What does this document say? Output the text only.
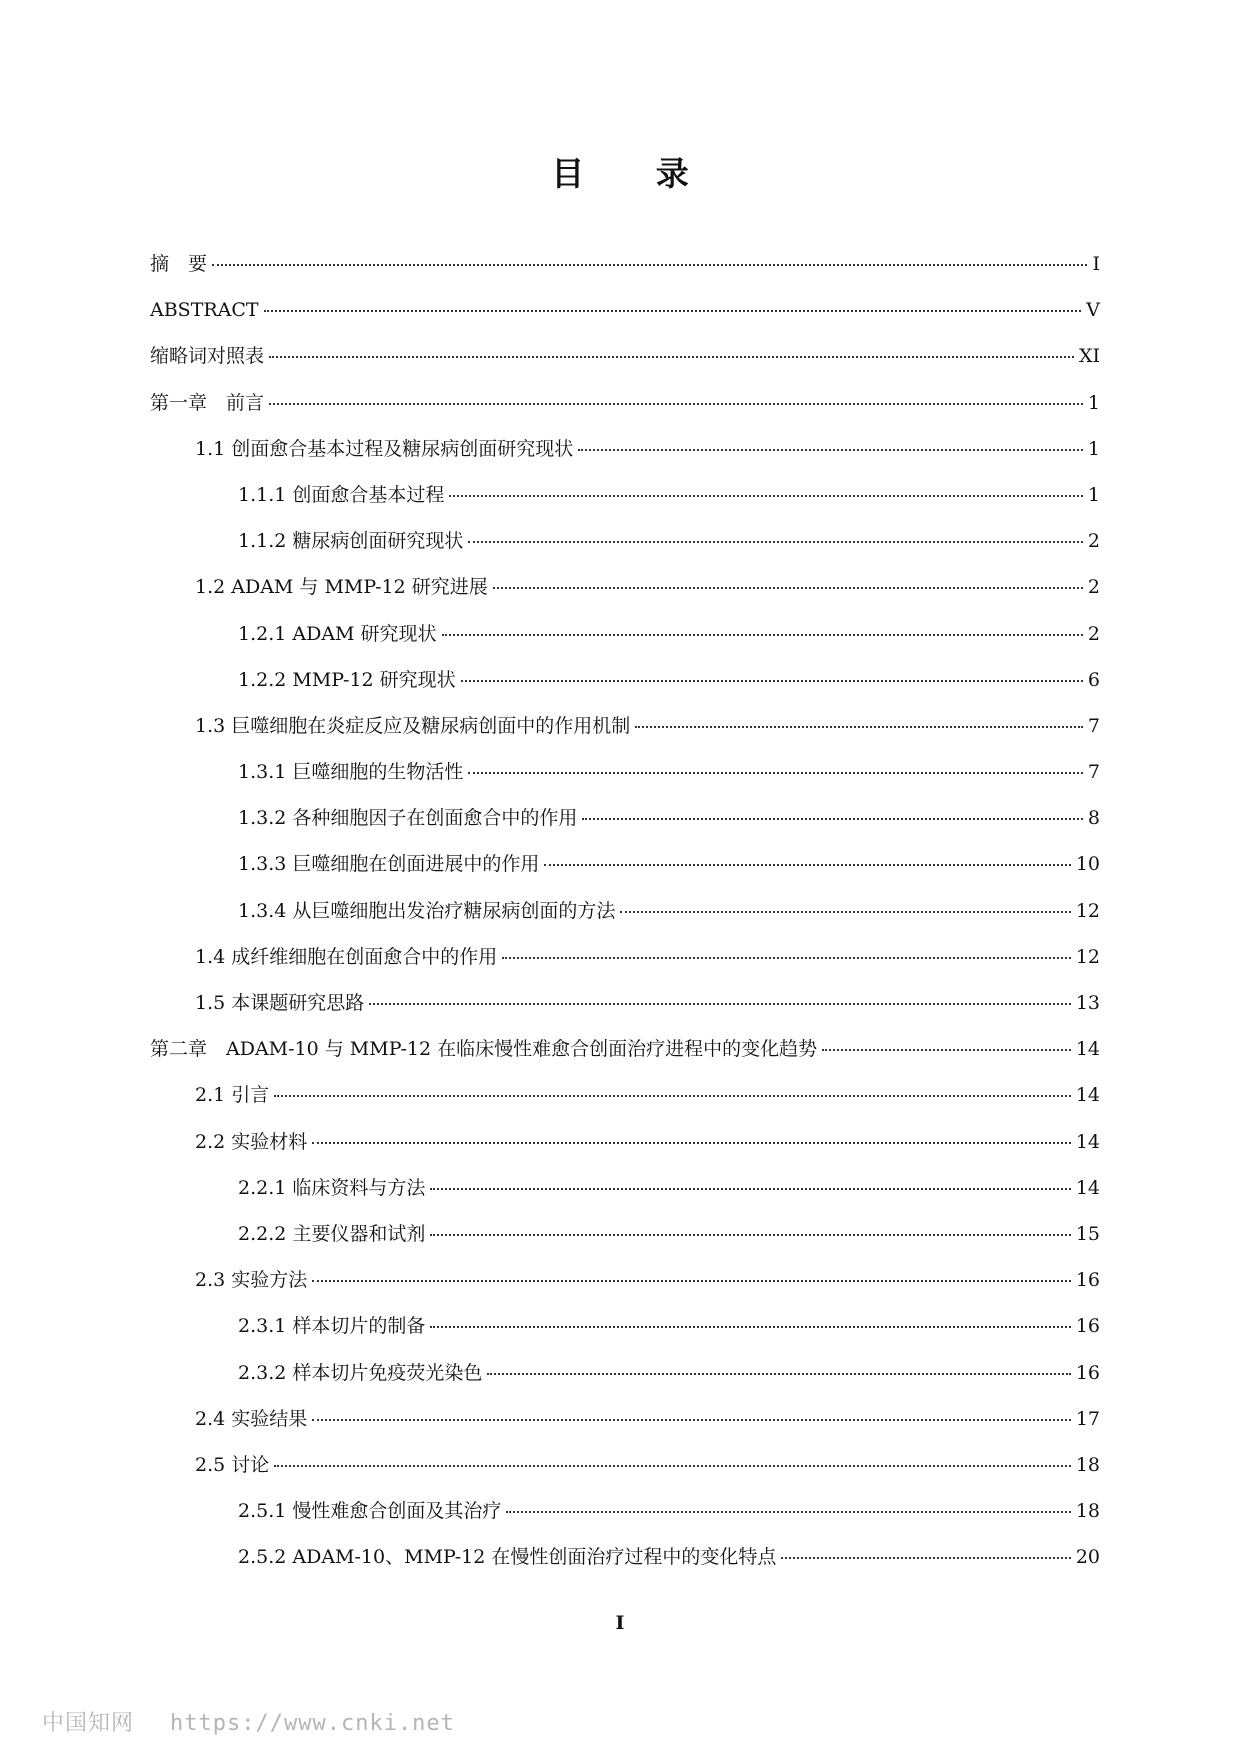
目 录
摘　要	I
ABSTRACT	V
缩略词对照表	XI
第一章　前言	1
1.1 创面愈合基本过程及糖尿病创面研究现状	1
1.1.1 创面愈合基本过程	1
1.1.2 糖尿病创面研究现状	2
1.2 ADAM 与 MMP-12 研究进展	2
1.2.1 ADAM 研究现状	2
1.2.2 MMP-12 研究现状	6
1.3 巨噬细胞在炎症反应及糖尿病创面中的作用机制	7
1.3.1 巨噬细胞的生物活性	7
1.3.2 各种细胞因子在创面愈合中的作用	8
1.3.3 巨噬细胞在创面进展中的作用	10
1.3.4 从巨噬细胞出发治疗糖尿病创面的方法	12
1.4 成纤维细胞在创面愈合中的作用	12
1.5 本课题研究思路	13
第二章　ADAM-10 与 MMP-12 在临床慢性难愈合创面治疗进程中的变化趋势	14
2.1 引言	14
2.2 实验材料	14
2.2.1 临床资料与方法	14
2.2.2 主要仪器和试剂	15
2.3 实验方法	16
2.3.1 样本切片的制备	16
2.3.2 样本切片免疫荧光染色	16
2.4 实验结果	17
2.5 讨论	18
2.5.1 慢性难愈合创面及其治疗	18
2.5.2 ADAM-10、MMP-12 在慢性创面治疗过程中的变化特点	20
I
中国知网 https://www.cnki.net
